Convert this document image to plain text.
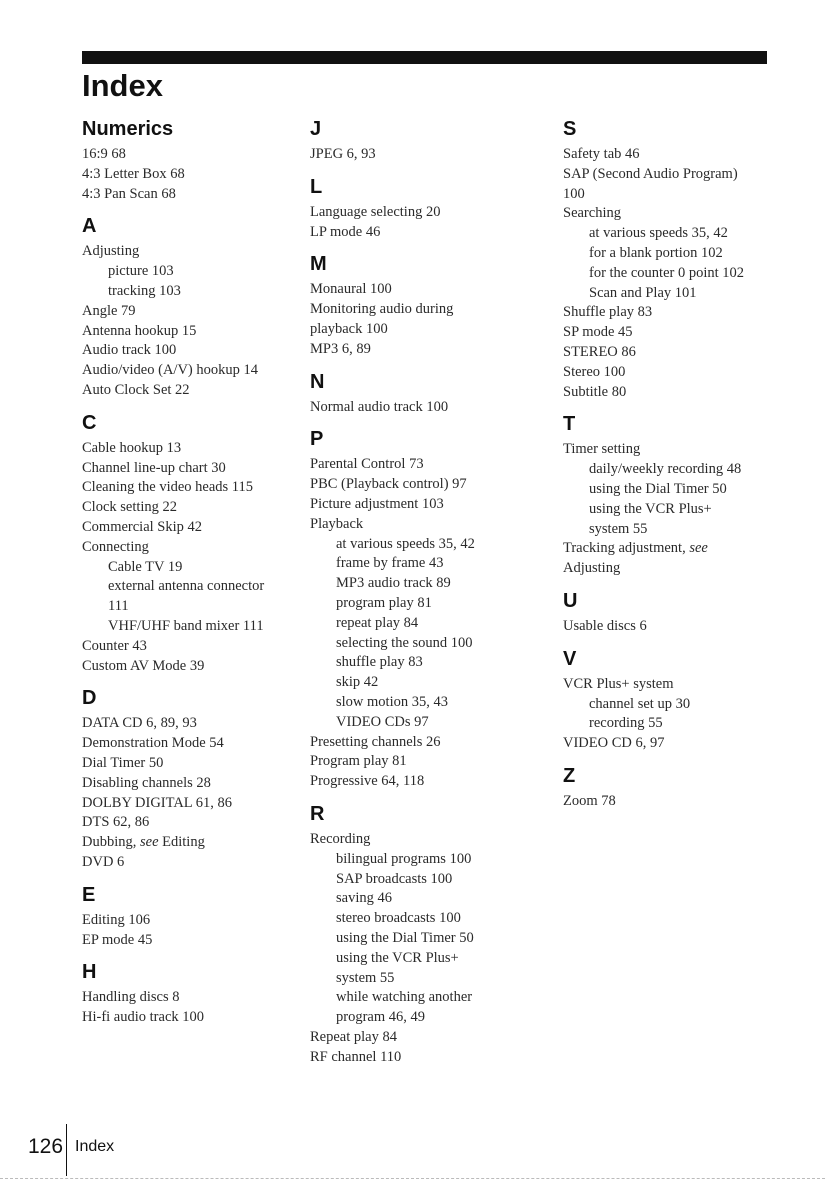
Index
Numerics
16:9 68
4:3 Letter Box 68
4:3 Pan Scan 68
A
Adjusting
picture 103
tracking 103
Angle 79
Antenna hookup 15
Audio track 100
Audio/video (A/V) hookup 14
Auto Clock Set 22
C
Cable hookup 13
Channel line-up chart 30
Cleaning the video heads 115
Clock setting 22
Commercial Skip 42
Connecting
Cable TV 19
external antenna connector
111
VHF/UHF band mixer 111
Counter 43
Custom AV Mode 39
D
DATA CD 6, 89, 93
Demonstration Mode 54
Dial Timer 50
Disabling channels 28
DOLBY DIGITAL 61, 86
DTS 62, 86
Dubbing, see Editing
DVD 6
E
Editing 106
EP mode 45
H
Handling discs 8
Hi-fi audio track 100
J
JPEG 6, 93
L
Language selecting 20
LP mode 46
M
Monaural 100
Monitoring audio during
playback 100
MP3 6, 89
N
Normal audio track 100
P
Parental Control 73
PBC (Playback control) 97
Picture adjustment 103
Playback
at various speeds 35, 42
frame by frame 43
MP3 audio track 89
program play 81
repeat play 84
selecting the sound 100
shuffle play 83
skip 42
slow motion 35, 43
VIDEO CDs 97
Presetting channels 26
Program play 81
Progressive 64, 118
R
Recording
bilingual programs 100
SAP broadcasts 100
saving 46
stereo broadcasts 100
using the Dial Timer 50
using the VCR Plus+
system 55
while watching another
program 46, 49
Repeat play 84
RF channel 110
S
Safety tab 46
SAP (Second Audio Program)
100
Searching
at various speeds 35, 42
for a blank portion 102
for the counter 0 point 102
Scan and Play 101
Shuffle play 83
SP mode 45
STEREO 86
Stereo 100
Subtitle 80
T
Timer setting
daily/weekly recording 48
using the Dial Timer 50
using the VCR Plus+
system 55
Tracking adjustment, see
Adjusting
U
Usable discs 6
V
VCR Plus+ system
channel set up 30
recording 55
VIDEO CD 6, 97
Z
Zoom 78
126 Index
